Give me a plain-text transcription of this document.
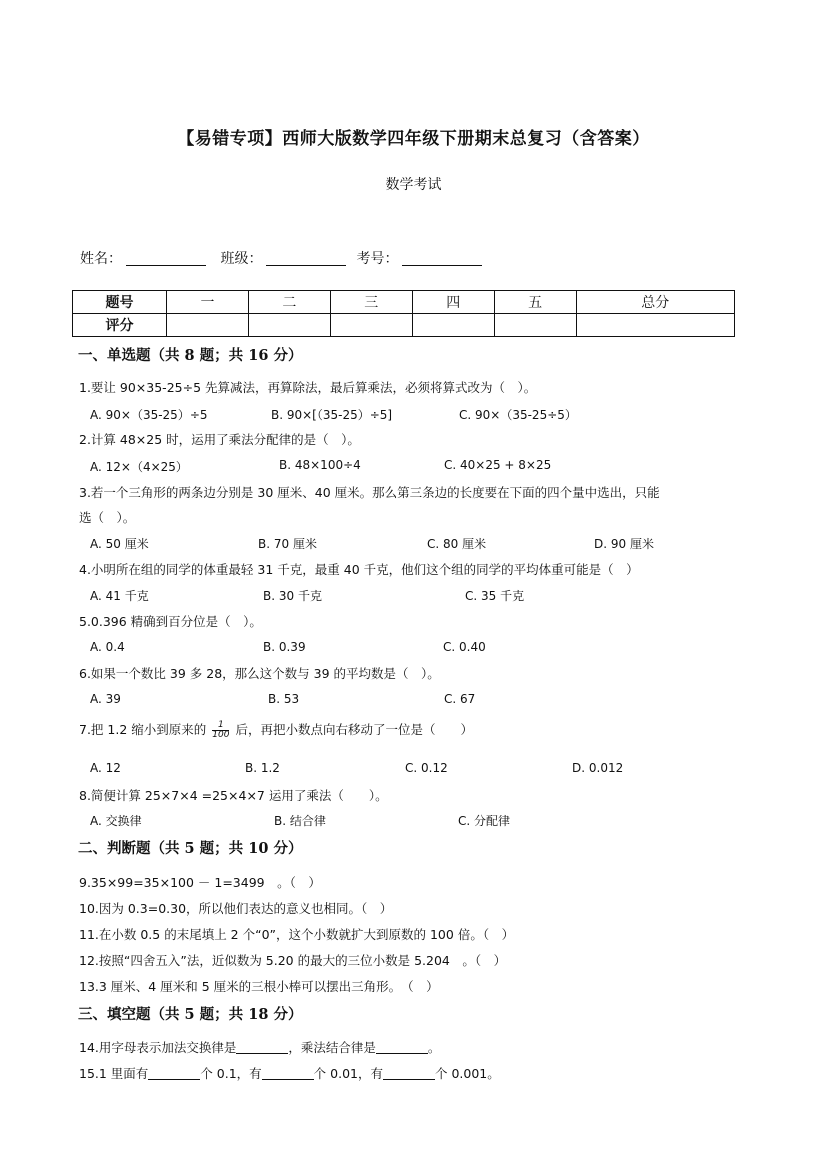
【易错专项】西师大版数学四年级下册期末总复习（含答案）
数学考试
姓名：	班级：	考号：
题号	一	二	三	四	五	总分
评分						
一、单选题（共 8 题；共 16 分）
1.要让 90×35-25÷5 先算减法，再算除法，最后算乘法，必须将算式改为（　）。
A. 90×（35-25）÷5	B. 90×[（35-25）÷5]	C. 90×（35-25÷5）
2.计算 48×25 时，运用了乘法分配律的是（　）。
A. 12×（4×25）	B. 48×100÷4	C. 40×25 + 8×25
3.若一个三角形的两条边分别是 30 厘米、40 厘米。那么第三条边的长度要在下面的四个量中选出，只能
选（　）。
A. 50 厘米	B. 70 厘米	C. 80 厘米	D. 90 厘米
4.小明所在组的同学的体重最轻 31 千克，最重 40 千克，他们这个组的同学的平均体重可能是（　）
A. 41 千克	B. 30 千克	C. 35 千克
5.0.396 精确到百分位是（　）。
A. 0.4	B. 0.39	C. 0.40
6.如果一个数比 39 多 28，那么这个数与 39 的平均数是（　）。
A. 39	B. 53	C. 67
7.把 1.2 缩小到原来的 $\frac{1}{100}$ 后，再把小数点向右移动了一位是（　　）
A. 12	B. 1.2	C. 0.12	D. 0.012
8.简便计算 25×7×4 =25×4×7 运用了乘法（　　）。
A. 交换律	B. 结合律	C. 分配律
二、判断题（共 5 题；共 10 分）
9.35×99=35×100 － 1=3499　。（　）
10.因为 0.3=0.30，所以他们表达的意义也相同。（　）
11.在小数 0.5 的末尾填上 2 个“0”，这个小数就扩大到原数的 100 倍。（　）
12.按照“四舍五入”法，近似数为 5.20 的最大的三位小数是 5.204　。（　）
13.3 厘米、4 厘米和 5 厘米的三根小棒可以摆出三角形。　（　）
三、填空题（共 5 题；共 18 分）
14.用字母表示加法交换律是	，乘法结合律是	。
15.1 里面有	个 0.1，有	个 0.01，有	个 0.001。
